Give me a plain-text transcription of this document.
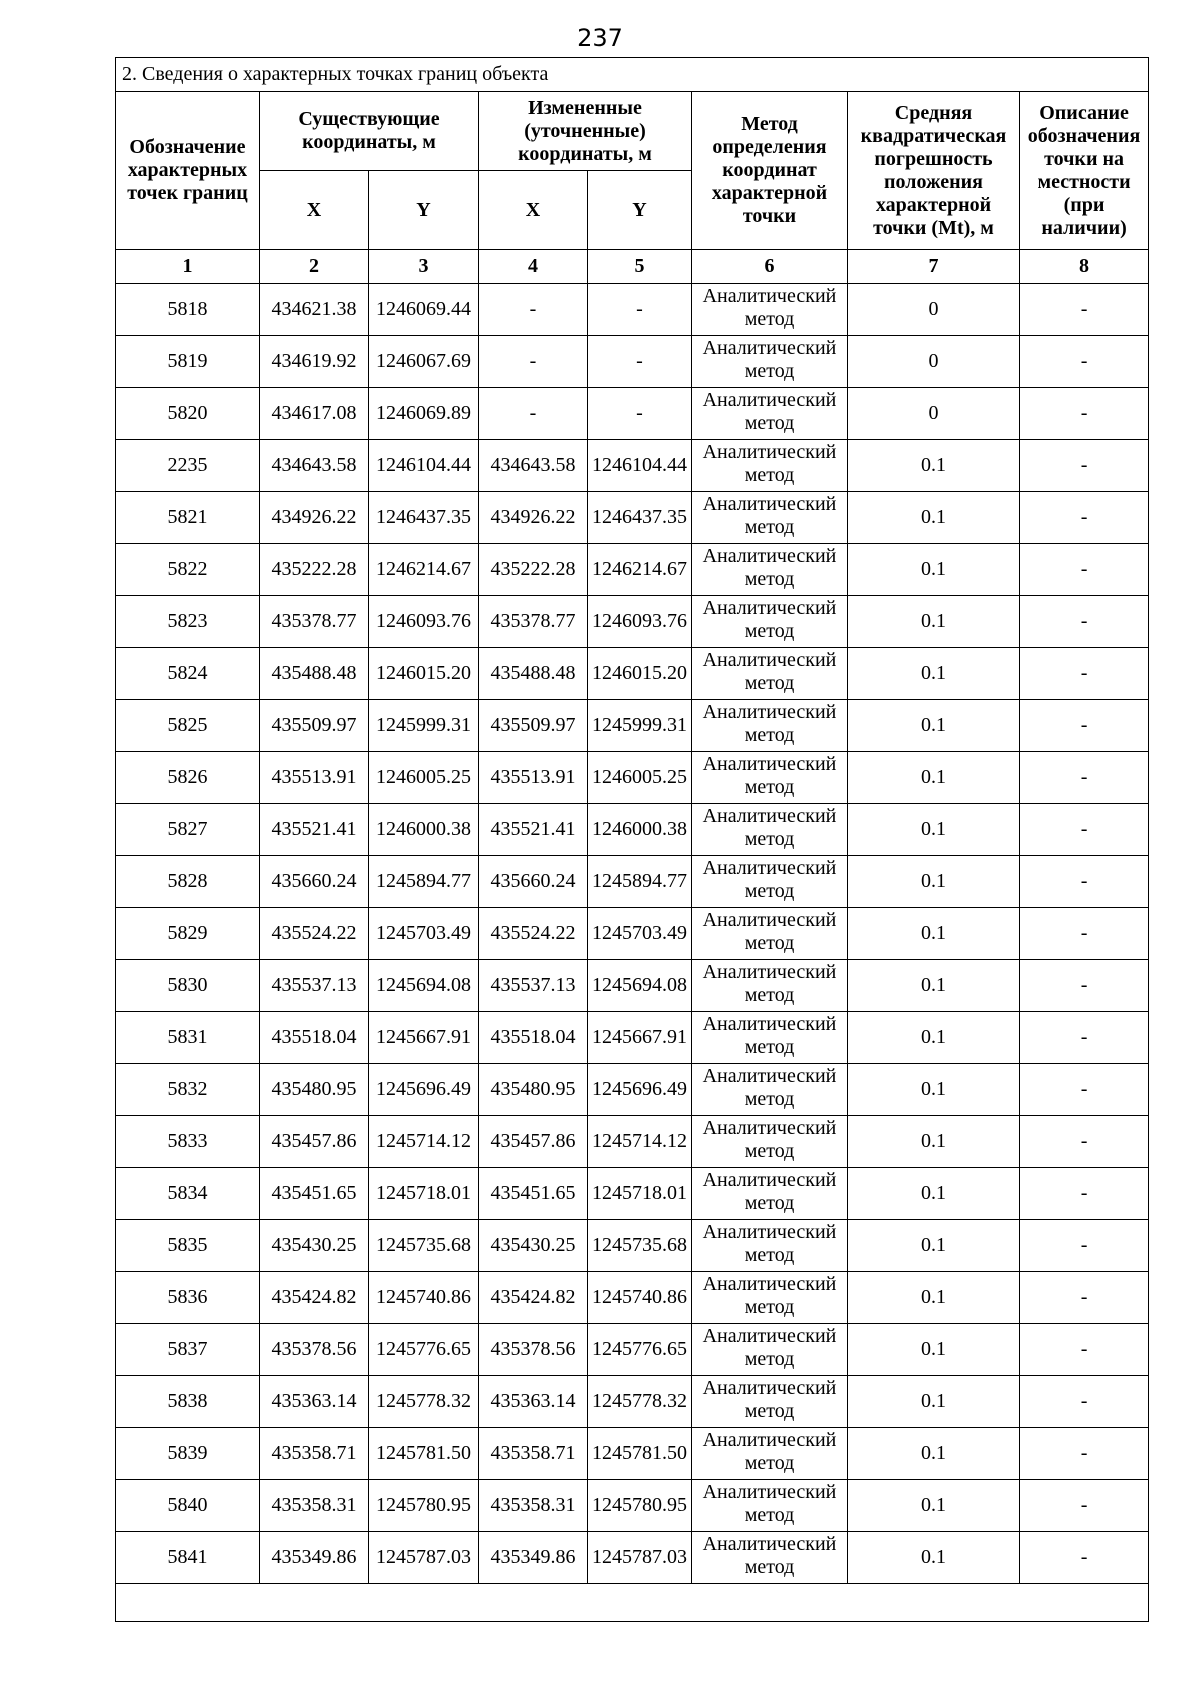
237
2. Сведения о характерных точках границ объекта							
Обозначение характерных точек границ	Существующие координаты, м		Измененные (уточненные) координаты, м		Метод определения координат характерной точки	Средняя квадратическая погрешность положения характерной точки (Mt), м	Описание обозначения точки на местности (при наличии)
	X	Y	X	Y			
1	2	3	4	5	6	7	8
5818	434621.38	1246069.44	-	-	Аналитический метод	0	-
5819	434619.92	1246067.69	-	-	Аналитический метод	0	-
5820	434617.08	1246069.89	-	-	Аналитический метод	0	-
2235	434643.58	1246104.44	434643.58	1246104.44	Аналитический метод	0.1	-
5821	434926.22	1246437.35	434926.22	1246437.35	Аналитический метод	0.1	-
5822	435222.28	1246214.67	435222.28	1246214.67	Аналитический метод	0.1	-
5823	435378.77	1246093.76	435378.77	1246093.76	Аналитический метод	0.1	-
5824	435488.48	1246015.20	435488.48	1246015.20	Аналитический метод	0.1	-
5825	435509.97	1245999.31	435509.97	1245999.31	Аналитический метод	0.1	-
5826	435513.91	1246005.25	435513.91	1246005.25	Аналитический метод	0.1	-
5827	435521.41	1246000.38	435521.41	1246000.38	Аналитический метод	0.1	-
5828	435660.24	1245894.77	435660.24	1245894.77	Аналитический метод	0.1	-
5829	435524.22	1245703.49	435524.22	1245703.49	Аналитический метод	0.1	-
5830	435537.13	1245694.08	435537.13	1245694.08	Аналитический метод	0.1	-
5831	435518.04	1245667.91	435518.04	1245667.91	Аналитический метод	0.1	-
5832	435480.95	1245696.49	435480.95	1245696.49	Аналитический метод	0.1	-
5833	435457.86	1245714.12	435457.86	1245714.12	Аналитический метод	0.1	-
5834	435451.65	1245718.01	435451.65	1245718.01	Аналитический метод	0.1	-
5835	435430.25	1245735.68	435430.25	1245735.68	Аналитический метод	0.1	-
5836	435424.82	1245740.86	435424.82	1245740.86	Аналитический метод	0.1	-
5837	435378.56	1245776.65	435378.56	1245776.65	Аналитический метод	0.1	-
5838	435363.14	1245778.32	435363.14	1245778.32	Аналитический метод	0.1	-
5839	435358.71	1245781.50	435358.71	1245781.50	Аналитический метод	0.1	-
5840	435358.31	1245780.95	435358.31	1245780.95	Аналитический метод	0.1	-
5841	435349.86	1245787.03	435349.86	1245787.03	Аналитический метод	0.1	-
